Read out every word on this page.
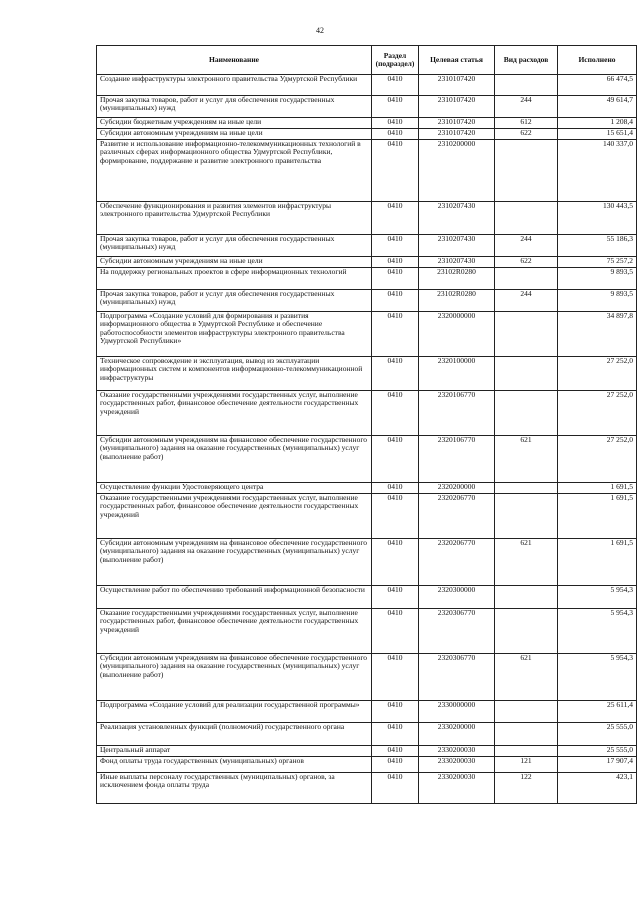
42
Наименование	Раздел (подраздел)	Целевая статья	Вид расходов	Исполнено
Создание инфраструктуры электронного правительства Удмуртской Республики	0410	2310107420		66 474,5
Прочая закупка товаров, работ и услуг для обеспечения государственных (муниципальных) нужд	0410	2310107420	244	49 614,7
Субсидии бюджетным учреждениям на иные цели	0410	2310107420	612	1 208,4
Субсидии автономным учреждениям на иные цели	0410	2310107420	622	15 651,4
Развитие и использование информационно-телекоммуникационных технологий в различных сферах информационного общества Удмуртской Республики, формирование, поддержание и развитие электронного правительства	0410	2310200000		140 337,0
Обеспечение функционирования и развития элементов инфраструктуры электронного правительства Удмуртской Республики	0410	2310207430		130 443,5
Прочая закупка товаров, работ и услуг для обеспечения государственных (муниципальных) нужд	0410	2310207430	244	55 186,3
Субсидии автономным учреждениям на иные цели	0410	2310207430	622	75 257,2
На поддержку региональных проектов в сфере информационных технологий	0410	23102R0280		9 893,5
Прочая закупка товаров, работ и услуг для обеспечения государственных (муниципальных) нужд	0410	23102R0280	244	9 893,5
Подпрограмма «Создание условий для формирования и развития информационного общества в Удмуртской Республике и обеспечение работоспособности элементов инфраструктуры электронного правительства Удмуртской Республики»	0410	2320000000		34 897,8
Техническое сопровождение и эксплуатация, вывод из эксплуатации информационных систем и компонентов информационно-телекоммуникационной инфраструктуры	0410	2320100000		27 252,0
Оказание государственными учреждениями государственных услуг, выполнение государственных работ, финансовое обеспечение деятельности государственных учреждений	0410	2320106770		27 252,0
Субсидии автономным учреждениям на финансовое обеспечение государственного (муниципального) задания на оказание государственных (муниципальных) услуг (выполнение работ)	0410	2320106770	621	27 252,0
Осуществление функции Удостоверяющего центра	0410	2320200000		1 691,5
Оказание государственными учреждениями государственных услуг, выполнение государственных работ, финансовое обеспечение деятельности государственных учреждений	0410	2320206770		1 691,5
Субсидии автономным учреждениям на финансовое обеспечение государственного (муниципального) задания на оказание государственных (муниципальных) услуг (выполнение работ)	0410	2320206770	621	1 691,5
Осуществление работ по обеспечению требований информационной безопасности	0410	2320300000		5 954,3
Оказание государственными учреждениями государственных услуг, выполнение государственных работ, финансовое обеспечение деятельности государственных учреждений	0410	2320306770		5 954,3
Субсидии автономным учреждениям на финансовое обеспечение государственного (муниципального) задания на оказание государственных (муниципальных) услуг (выполнение работ)	0410	2320306770	621	5 954,3
Подпрограмма «Создание условий для реализации государственной программы»	0410	2330000000		25 611,4
Реализация установленных функций (полномочий) государственного органа	0410	2330200000		25 555,0
Центральный аппарат	0410	2330200030		25 555,0
Фонд оплаты труда государственных (муниципальных) органов	0410	2330200030	121	17 907,4
Иные выплаты персоналу государственных (муниципальных) органов, за исключением фонда оплаты труда	0410	2330200030	122	423,1
